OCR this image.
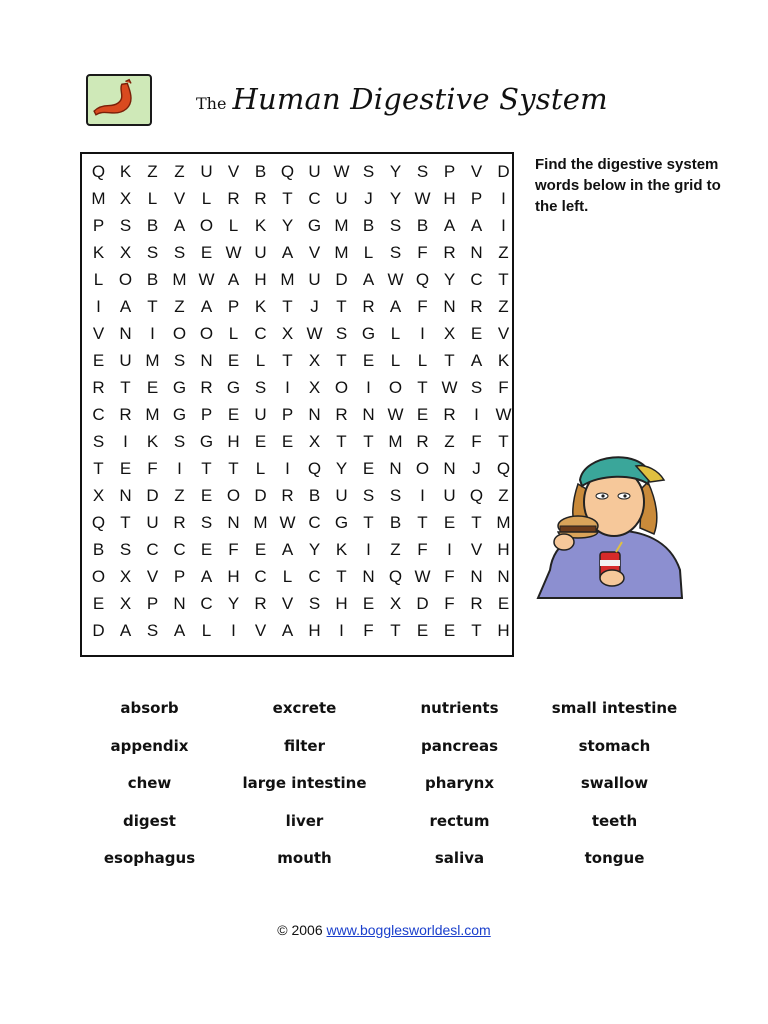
The Human Digestive System
Q K Z Z U V B Q U W S Y S P V D
M X L V L R R T C U J	Y W H P	I
P S B A O L K Y G M B S B A A	I
K X S S E W U A V M L S F R N Z
L O B M W A H M U D A W Q Y C T
I	A T Z A P K T	J	T R A F N R Z
V N	I	O O L C X W S G L	I	X E V
E U M S N E L	T X T E L	L	T A K
R T E G R G S	I	X O	I	O T W S F
C R M G P E U P N R N W E R	I W
S	I	K S G H E E X T T M R Z F T
T E F	I	T T	L	I	Q Y E N O N J Q
X N D Z E O D R B U S S	I	U Q Z
Q T U R S N M W C G T B T E T M
B S C C E F E A Y K	I	Z F	I	V H
O X V P A H C L C T N Q W F N N
E X P N C Y R V S H E X D F R E
D A S A L	I	V A H	I	F T E E T H
Find the digestive system words below in the grid to the left.
absorb	excrete	nutrients	small intestine
appendix	filter	pancreas	stomach
chew	large intestine	pharynx	swallow
digest	liver	rectum	teeth
esophagus	mouth	saliva	tongue
© 2006 www.bogglesworldesl.com
